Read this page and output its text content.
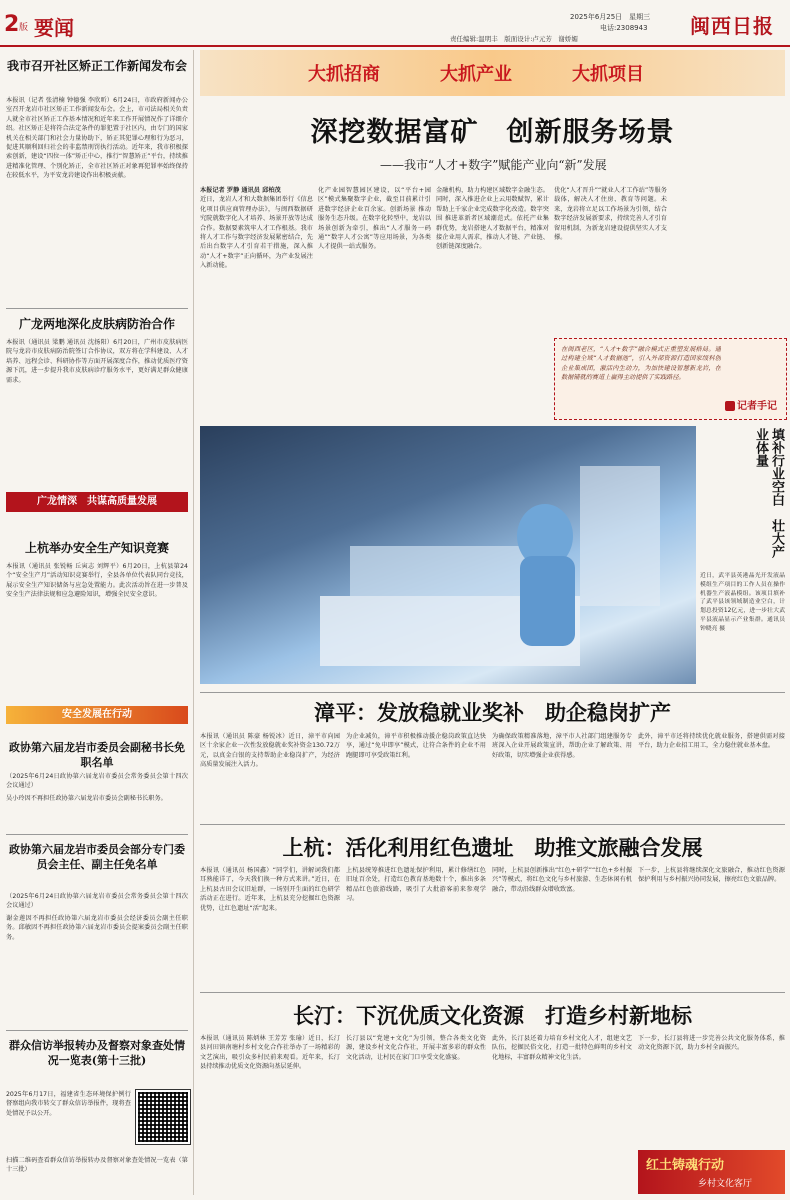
2 版 要闻	2025年6月25日　星期三
电话:2308943
责任编辑:温明丰　版面设计:卢元芳　谢娇媚
闽西日报
我市召开社区矫正工作新闻发布会
本报讯（记者 张清楠 钟德强 李欣昕）6月24日，市政府新闻办公室召开龙岩市社区矫正工作新闻发布会。会上，市司法局相关负责人就全市社区矫正工作基本情况和近年来工作开展情况作了详细介绍。社区矫正是将符合法定条件的罪犯置于社区内，由专门的国家机关在相关部门和社会力量协助下，矫正其犯罪心理和行为恶习，促进其顺利回归社会的非监禁刑罚执行活动。近年来，我市积极探索创新，建设“四位一体”矫正中心，推行“智慧矫正”平台，持续推进精准化管理、个别化矫正，全市社区矫正对象再犯罪率始终保持在较低水平，为平安龙岩建设作出积极贡献。
广龙两地深化皮肤病防治合作
本报讯（通讯员 梁鹏 通讯员 沈扬阳）6月20日，广州市皮肤病医院与龙岩市皮肤病防治院签订合作协议，双方将在学科建设、人才培养、远程会诊、科研协作等方面开展深度合作，推动优质医疗资源下沉，进一步提升我市皮肤病诊疗服务水平，更好满足群众健康需求。
广龙情深　共谋高质量发展
上杭举办安全生产知识竞赛
本报讯（通讯员 张锐畅 丘寅志 刘辉平）6月20日，上杭县第24个“安全生产月”活动知识竞赛举行，全县各单位代表队同台竞技，展示安全生产知识储备与应急处置能力。此次活动旨在进一步普及安全生产法律法规和应急避险知识，增强全民安全意识。
安全发展在行动
政协第六届龙岩市委员会副秘书长免职名单
（2025年6月24日政协第六届龙岩市委员会常务委员会第十四次会议通过）
吴小玲因不再担任政协第六届龙岩市委员会副秘书长职务。
政协第六届龙岩市委员会部分专门委员会主任、副主任免名单
（2025年6月24日政协第六届龙岩市委员会常务委员会第十四次会议通过）
谢金莲因不再担任政协第六届龙岩市委员会经济委员会副主任职务。邱敏因不再担任政协第六届龙岩市委员会提案委员会副主任职务。
群众信访举报转办及督察对象查处情况一览表(第十三批)
2025年6月17日，福建省生态环境保护例行督察组向我市转交了群众信访举报件，现将查处情况予以公开。
扫描二维码查看群众信访举报转办及督察对象查处情况一览表（第十三批）
大抓招商	大抓产业	大抓项目
深挖数据富矿　创新服务场景
——我市“人才+数字”赋能产业向“新”发展
本报记者 罗静 通讯员 邱柏茂
近日，龙岩人才和大数据集团举行《信息化项目供应商管理办法》，与闽西数据研究院就数字化人才培养、场景开放等达成合作。数据要素筑牢人才工作根基。我市将人才工作与数字经济发展紧密结合，先后出台数字人才引育若干措施，深入推动“人才+数字”正向循环，为产业发展注入新动能。
化产业园智慧园区建设，以“平台+园区”模式集聚数字企业，截至目前累计引进数字经济企业百余家。创新场景 推动服务生态升级。在数字化转型中，龙岩以场景创新为牵引，推出“人才服务一码通”“数字人才公寓”等应用场景，为各类人才提供一站式服务。
金融机构，助力构建区域数字金融生态。同时，深入推进企业上云用数赋智，累计帮助上千家企业完成数字化改造。数字突围 推进革新者区域潮范式。依托产业集群优势，龙岩搭建人才数据平台，精准对接企业用人需求，推动人才链、产业链、创新链深度融合。
优化“人才晋升”“就业人才工作站”等服务载体，解决人才住房、教育等问题。未来，龙岩将立足以工作场景为引领，结合数字经济发展新要求，持续完善人才引育留用机制，为新龙岩建设提供坚实人才支撑。
在闽西老区，“人才+数字”融合模式正重塑发展格局。通过构建全域“人才数据池”，引入外部资源打造国家级科创企业集成团，激活内生动力，为加快建设智慧新龙岩，在数据铺就的赛道上赢得主动提供了实践路径。
记者手记
填补行业空白　壮大产业体量
近日，武平县英港晶光开发液晶模组生产项目的工作人员在操作机器生产液晶模组。该项目填补了武平县该领域制造业空白，计划总投资12亿元，进一步壮大武平县液晶显示产业集群。通讯员 钟晓亮 摄
漳平：发放稳就业奖补　助企稳岗扩产
本报讯（通讯员 陈豪 杨锐冰）近日，漳平市向园区十余家企业一次性发放稳就业奖补资金130.72万元，以真金白银的支持帮助企业稳岗扩产，为经济高质量发展注入活力。
为企业减负，漳平市积极推动援企稳岗政策直达快享，通过“免申即享”模式，让符合条件的企业不用跑腿即可享受政策红利。
为确保政策精准落地，漳平市人社部门组建服务专班深入企业开展政策宣讲，帮助企业了解政策、用好政策，切实增强企业获得感。
此外，漳平市还将持续优化就业服务，搭建供需对接平台，助力企业招工用工，全力稳住就业基本盘。
上杭：活化利用红色遗址　助推文旅融合发展
本报讯（通讯员 杨国鑫）“同学们，讲解词我们都耳熟能详了，今天我们换一种方式来讲。”近日，在上杭县古田会议旧址群，一场别开生面的红色研学活动正在进行。近年来，上杭县充分挖掘红色资源优势，让红色遗址“活”起来。
上杭县统筹推进红色遗址保护利用，累计修缮红色旧址百余处，打造红色教育基地数十个，推出多条精品红色旅游线路，吸引了大批游客前来参观学习。
同时，上杭县创新推出“红色+研学”“红色+乡村振兴”等模式，将红色文化与乡村旅游、生态休闲有机融合，带动沿线群众增收致富。
下一步，上杭县将继续深化文旅融合，推动红色资源保护利用与乡村振兴协同发展，擦亮红色文旅品牌。
长汀：下沉优质文化资源　打造乡村新地标
本报讯（通讯员 陈炳林 王芳芳 张瑜）近日，长汀县河田镇南塘村乡村文化合作社举办了一场精彩的文艺演出，吸引众多村民前来观看。近年来，长汀县持续推动优质文化资源向基层延伸。
长汀县以“党建+文化”为引领，整合各类文化资源，建设乡村文化合作社，开展丰富多彩的群众性文化活动，让村民在家门口享受文化盛宴。
此外，长汀县还着力培育乡村文化人才，组建文艺队伍，挖掘民俗文化，打造一批特色鲜明的乡村文化地标，丰富群众精神文化生活。
下一步，长汀县将进一步完善公共文化服务体系，推动文化资源下沉，助力乡村全面振兴。
红土铸魂行动
乡村文化客厅
